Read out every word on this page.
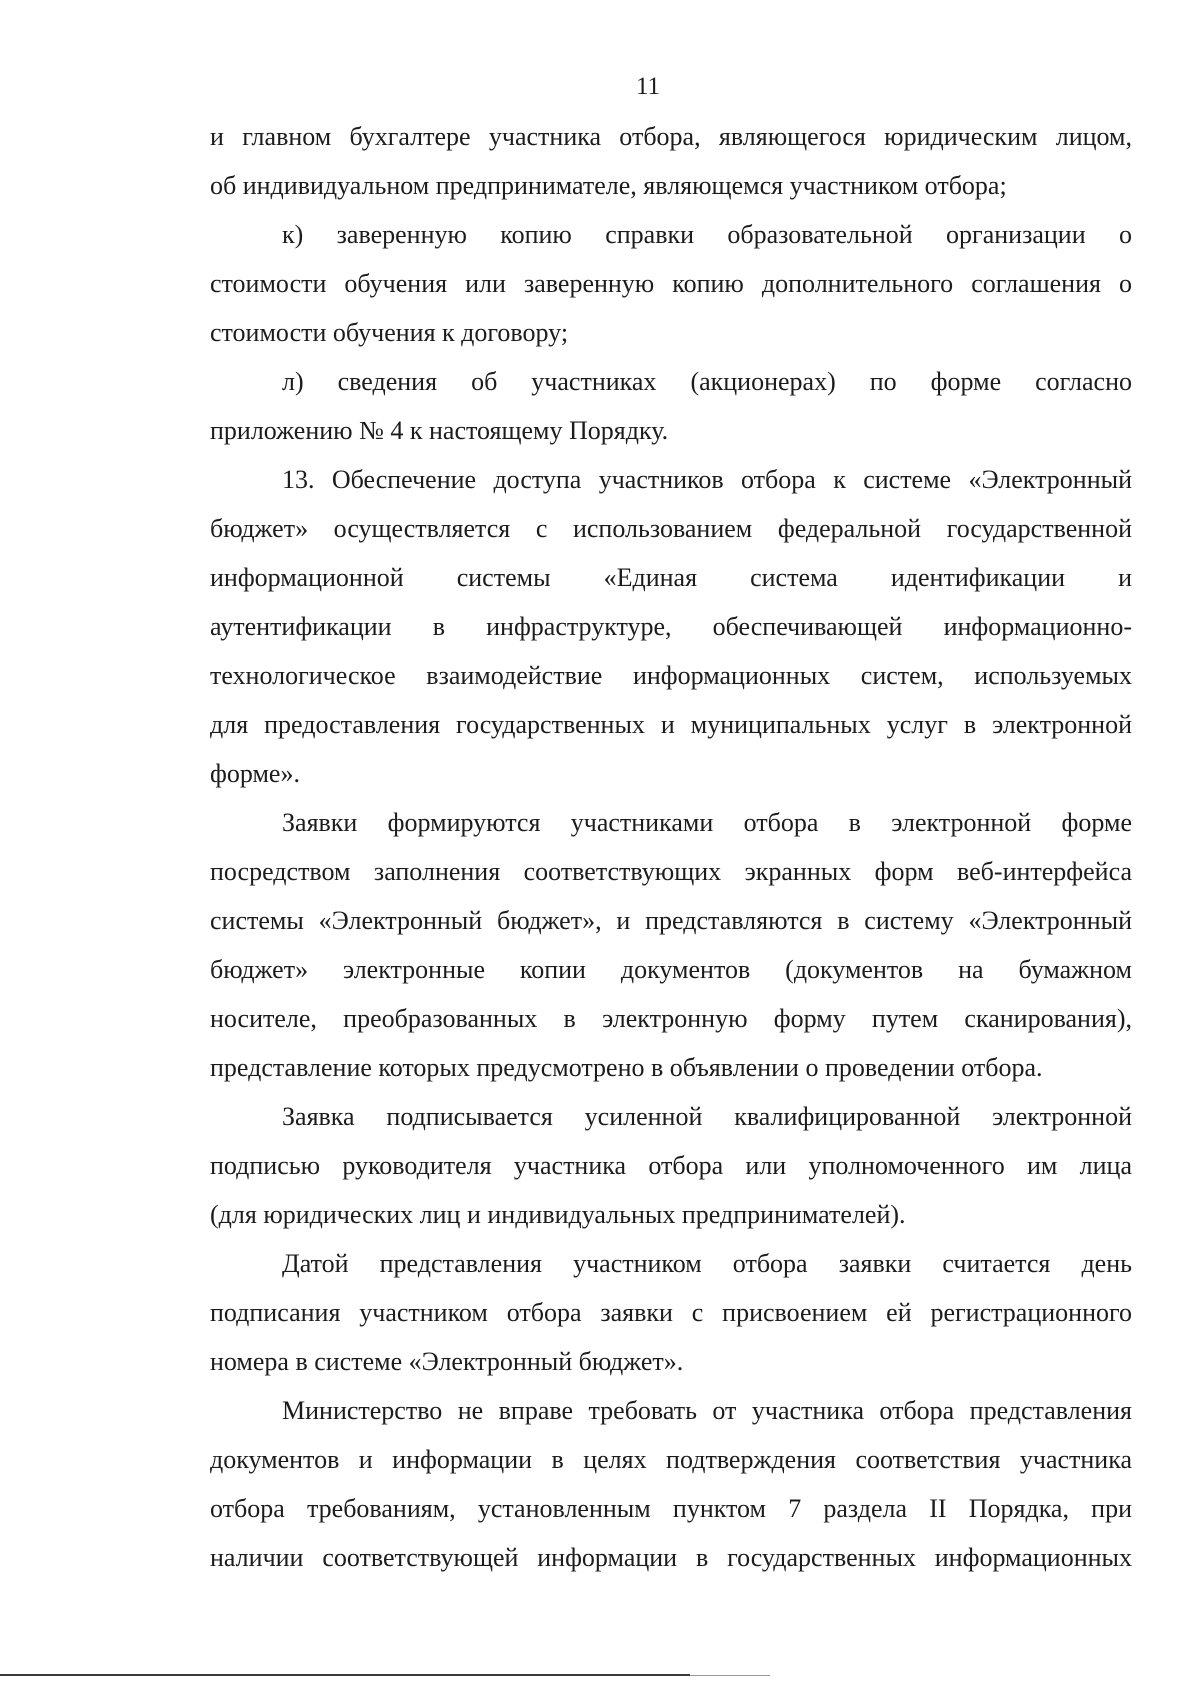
11
и главном бухгалтере участника отбора, являющегося юридическим лицом,
об индивидуальном предпринимателе, являющемся участником отбора;
к) заверенную копию справки образовательной организации о
стоимости обучения или заверенную копию дополнительного соглашения о
стоимости обучения к договору;
л) сведения об участниках (акционерах) по форме согласно
приложению № 4 к настоящему Порядку.
13. Обеспечение доступа участников отбора к системе «Электронный
бюджет» осуществляется с использованием федеральной государственной
информационной системы «Единая система идентификации и
аутентификации в инфраструктуре, обеспечивающей информационно-
технологическое взаимодействие информационных систем, используемых
для предоставления государственных и муниципальных услуг в электронной
форме».
Заявки формируются участниками отбора в электронной форме
посредством заполнения соответствующих экранных форм веб-интерфейса
системы «Электронный бюджет», и представляются в систему «Электронный
бюджет» электронные копии документов (документов на бумажном
носителе, преобразованных в электронную форму путем сканирования),
представление которых предусмотрено в объявлении о проведении отбора.
Заявка подписывается усиленной квалифицированной электронной
подписью руководителя участника отбора или уполномоченного им лица
(для юридических лиц и индивидуальных предпринимателей).
Датой представления участником отбора заявки считается день
подписания участником отбора заявки с присвоением ей регистрационного
номера в системе «Электронный бюджет».
Министерство не вправе требовать от участника отбора представления
документов и информации в целях подтверждения соответствия участника
отбора требованиям, установленным пунктом 7 раздела II Порядка, при
наличии соответствующей информации в государственных информационных
